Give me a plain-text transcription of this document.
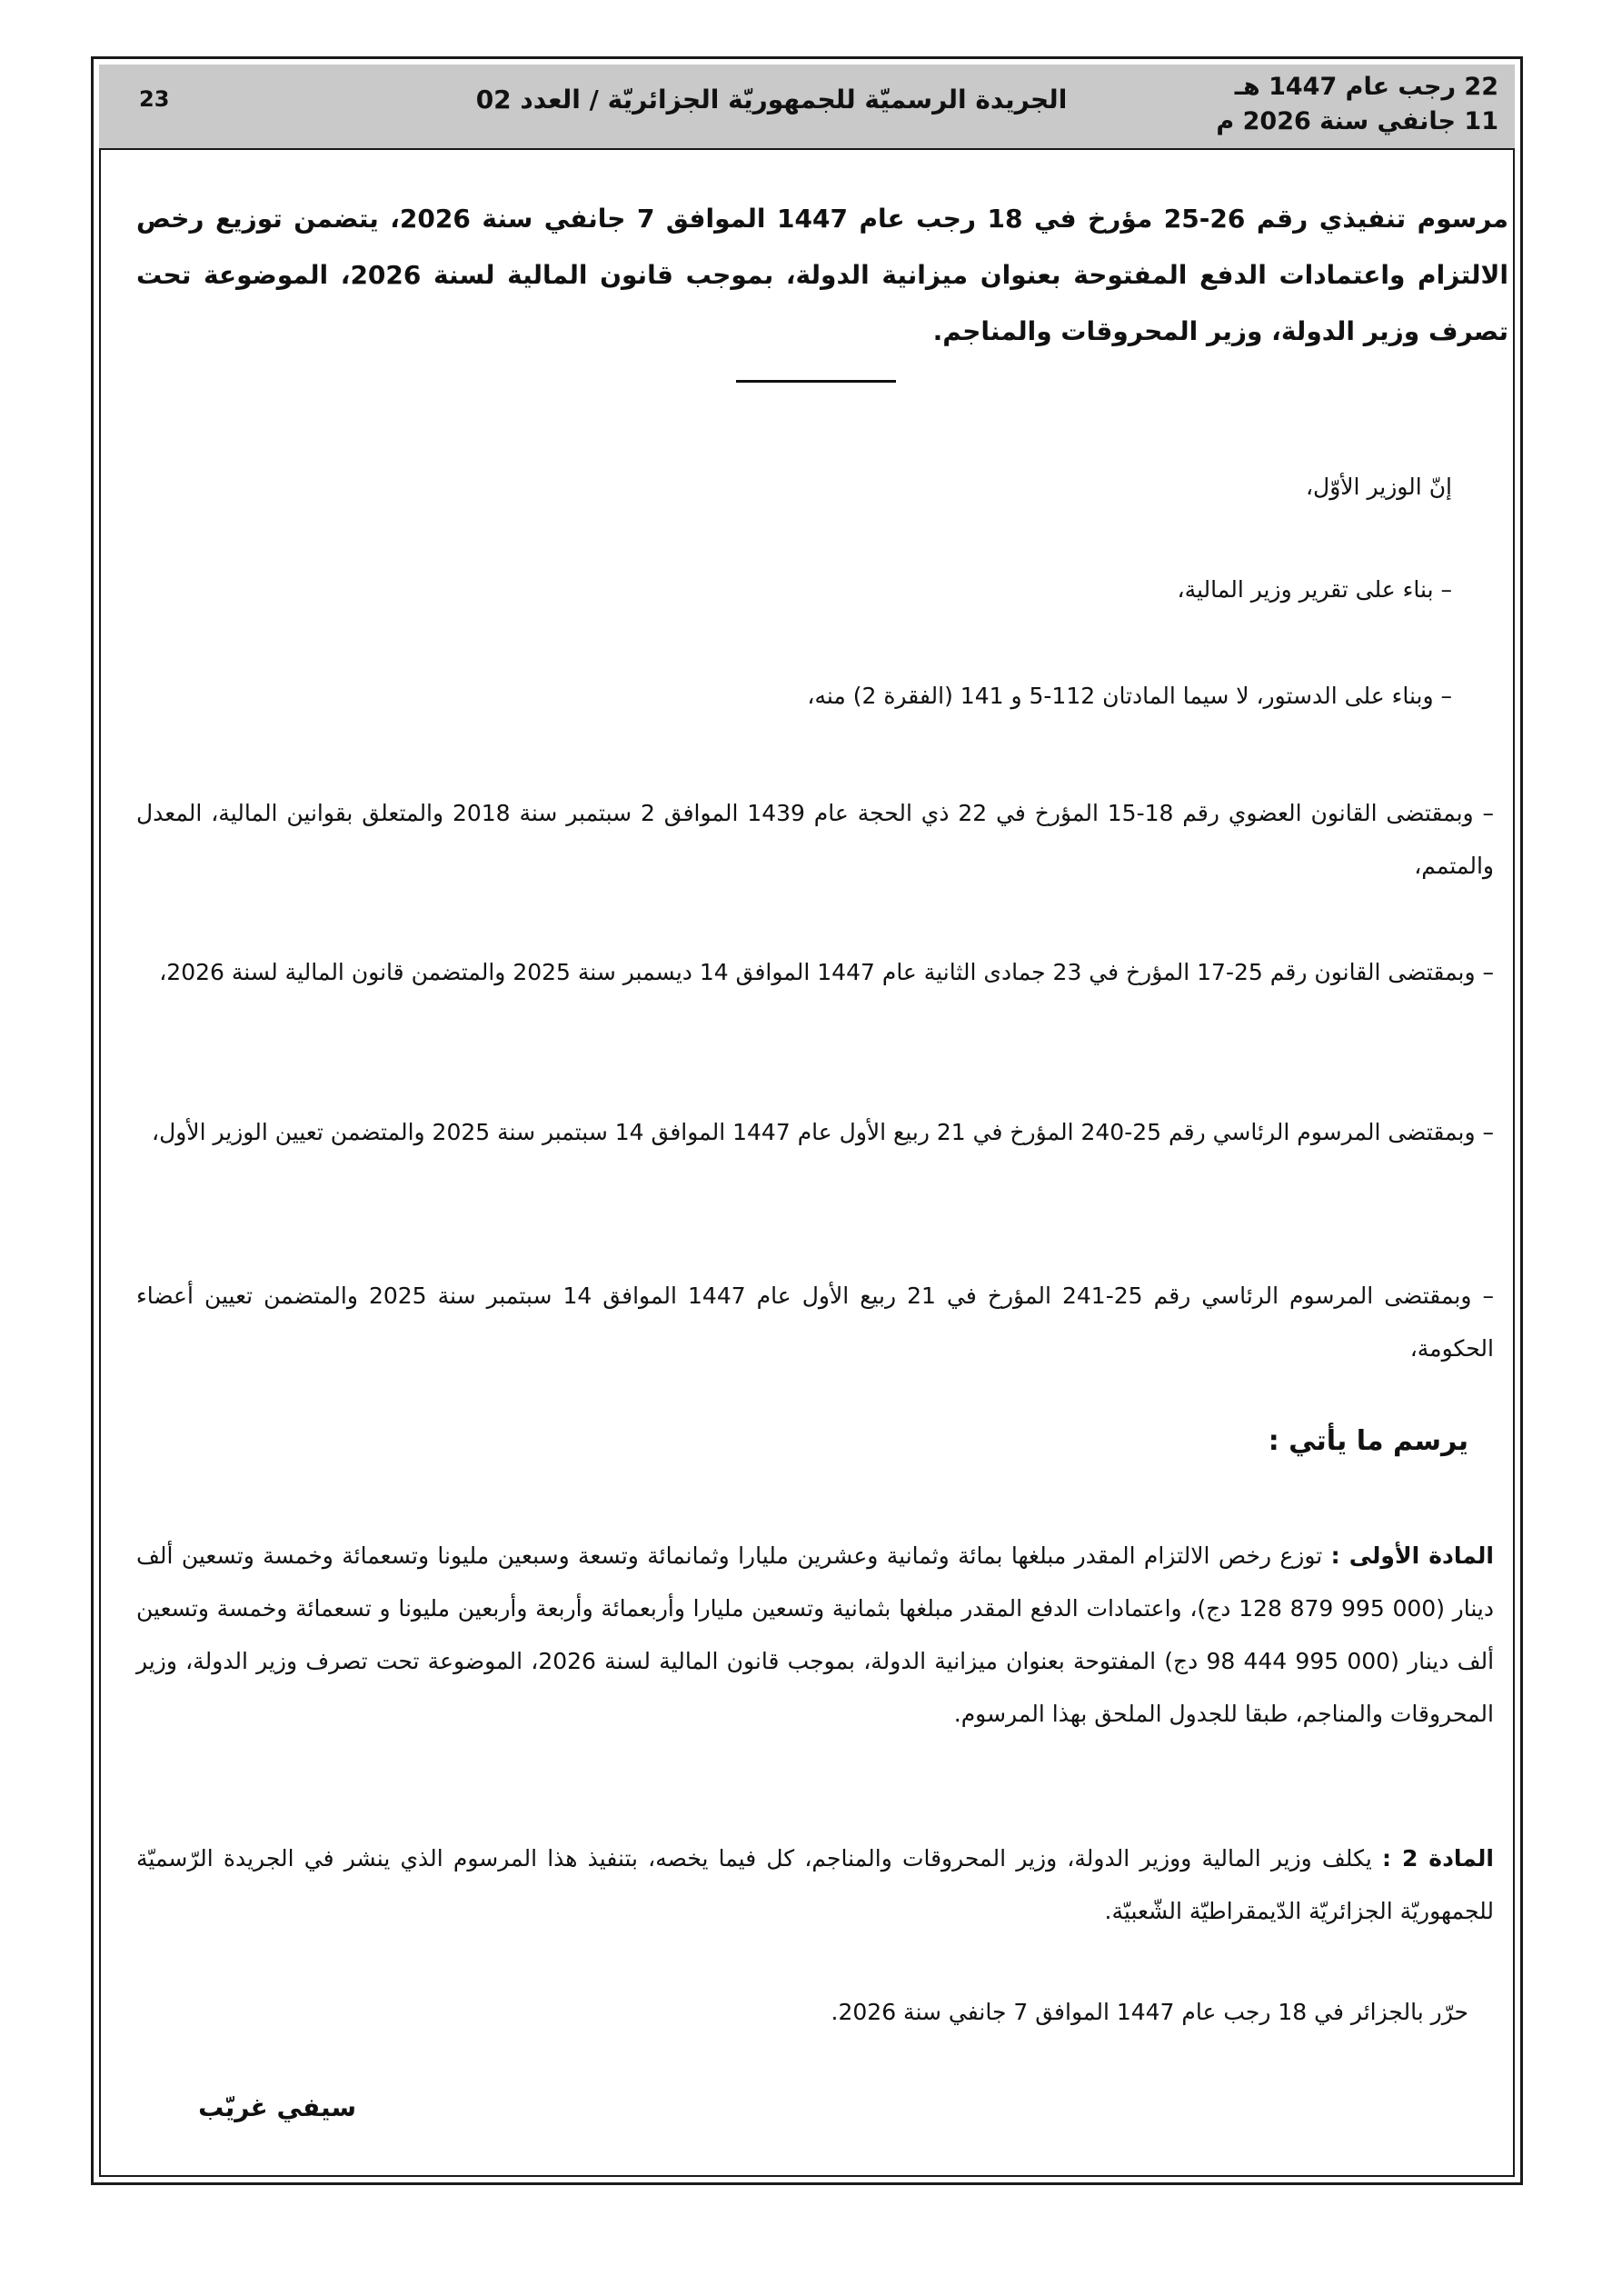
23	الجريدة الرسميّة للجمهوريّة الجزائريّة / العدد 02	22 رجب عام 1447 هـ
11 جانفي سنة 2026 م
مرسوم تنفيذي رقم 26-25 مؤرخ في 18 رجب عام 1447 الموافق 7 جانفي سنة 2026، يتضمن توزيع رخص الالتزام واعتمادات الدفع المفتوحة بعنوان ميزانية الدولة، بموجب قانون المالية لسنة 2026، الموضوعة تحت تصرف وزير الدولة، وزير المحروقات والمناجم.
إنّ الوزير الأوّل،
– بناء على تقرير وزير المالية،
– وبناء على الدستور، لا سيما المادتان 112-5 و 141 (الفقرة 2) منه،
– وبمقتضى القانون العضوي رقم 18-15 المؤرخ في 22 ذي الحجة عام 1439 الموافق 2 سبتمبر سنة 2018 والمتعلق بقوانين المالية، المعدل والمتمم،
– وبمقتضى القانون رقم 25-17 المؤرخ في 23 جمادى الثانية عام 1447 الموافق 14 ديسمبر سنة 2025 والمتضمن قانون المالية لسنة 2026،
– وبمقتضى المرسوم الرئاسي رقم 25-240 المؤرخ في 21 ربيع الأول عام 1447 الموافق 14 سبتمبر سنة 2025 والمتضمن تعيين الوزير الأول،
– وبمقتضى المرسوم الرئاسي رقم 25-241 المؤرخ في 21 ربيع الأول عام 1447 الموافق 14 سبتمبر سنة 2025 والمتضمن تعيين أعضاء الحكومة،
يرسم ما يأتي :
المادة الأولى : توزع رخص الالتزام المقدر مبلغها بمائة وثمانية وعشرين مليارا وثمانمائة وتسعة وسبعين مليونا وتسعمائة وخمسة وتسعين ألف دينار (000 995 879 128 دج)، واعتمادات الدفع المقدر مبلغها بثمانية وتسعين مليارا وأربعمائة وأربعة وأربعين مليونا و تسعمائة وخمسة وتسعين ألف دينار (000 995 444 98 دج) المفتوحة بعنوان ميزانية الدولة، بموجب قانون المالية لسنة 2026، الموضوعة تحت تصرف وزير الدولة، وزير المحروقات والمناجم، طبقا للجدول الملحق بهذا المرسوم.
المادة 2 : يكلف وزير المالية ووزير الدولة، وزير المحروقات والمناجم، كل فيما يخصه، بتنفيذ هذا المرسوم الذي ينشر في الجريدة الرّسميّة للجمهوريّة الجزائريّة الدّيمقراطيّة الشّعبيّة.
حرّر بالجزائر في 18 رجب عام 1447 الموافق 7 جانفي سنة 2026.
سيفي غريّب
